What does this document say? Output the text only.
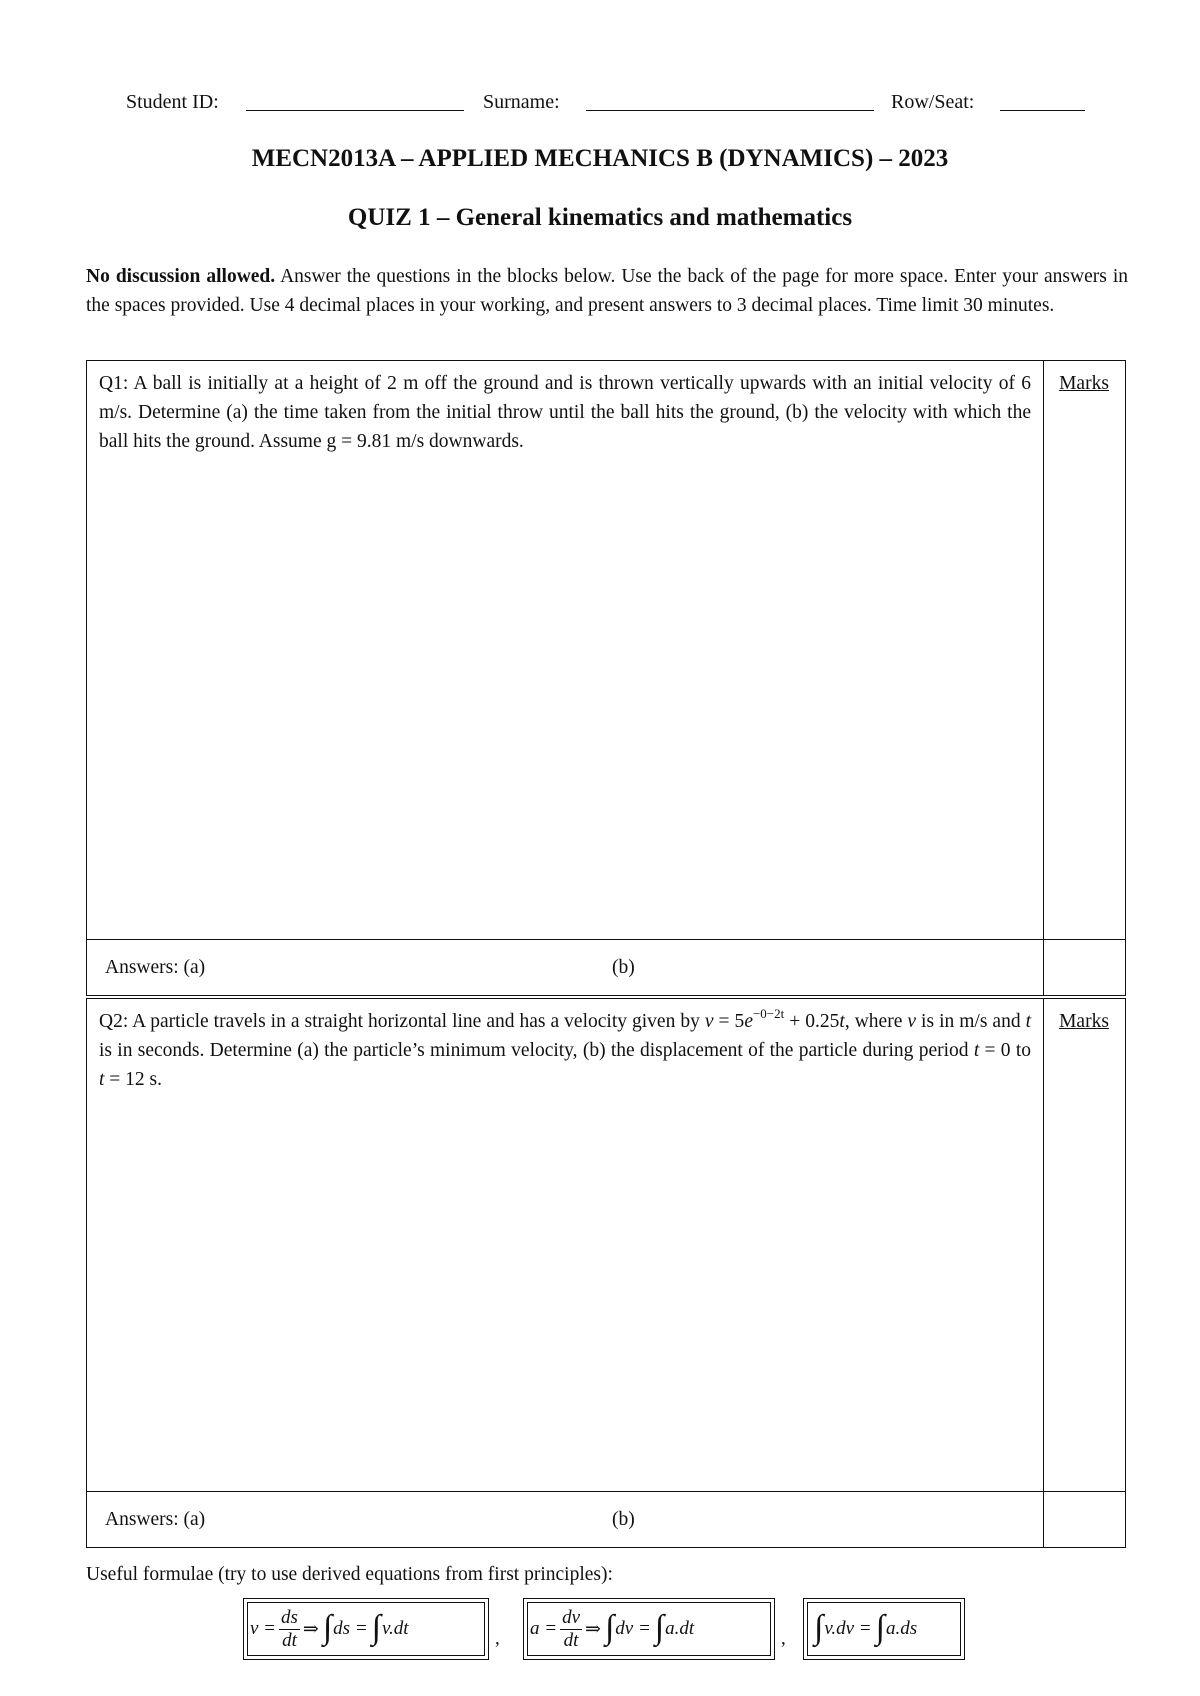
Student ID:	Surname:	Row/Seat:
MECN2013A – APPLIED MECHANICS B (DYNAMICS) – 2023
QUIZ 1 – General kinematics and mathematics
No discussion allowed. Answer the questions in the blocks below. Use the back of the page for more space. Enter your answers in the spaces provided. Use 4 decimal places in your working, and present answers to 3 decimal places. Time limit 30 minutes.
Q1: A ball is initially at a height of 2 m off the ground and is thrown vertically upwards with an initial velocity of 6 m/s. Determine (a) the time taken from the initial throw until the ball hits the ground, (b) the velocity with which the ball hits the ground. Assume g = 9.81 m/s downwards.
Marks
Answers: (a)	(b)
Q2: A particle travels in a straight horizontal line and has a velocity given by $v = 5e^{-0-2t} + 0.25t$, where v is in m/s and t is in seconds. Determine (a) the particle’s minimum velocity, (b) the displacement of the particle during period t = 0 to t = 12 s.
Marks
Answers: (a)	(b)
Useful formulae (try to use derived equations from first principles):
$v = \frac{ds}{dt}$ ⇒ ∫ ds = ∫ v.dt	, $a = \frac{dv}{dt}$ ⇒ ∫ dv = ∫ a.dt	, ∫ v.dv = ∫ a.ds
